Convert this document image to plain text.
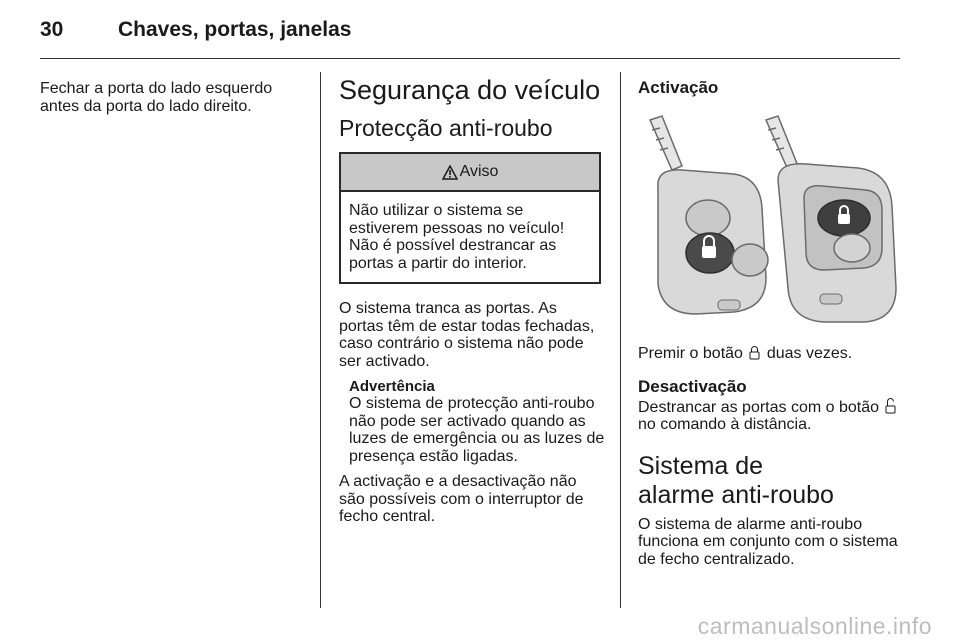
30	Chaves, portas, janelas

Fechar a porta do lado esquerdo antes da porta do lado direito.

Segurança do veículo
Protecção anti-roubo
Aviso

Não utilizar o sistema se estiverem pessoas no veículo! Não é possível destrancar as portas a partir do interior.

O sistema tranca as portas. As portas têm de estar todas fechadas, caso contrário o sistema não pode ser activado.

Advertência

O sistema de protecção anti-roubo não pode ser activado quando as luzes de emergência ou as luzes de presença estão ligadas.

A activação e a desactivação não são possíveis com o interruptor de fecho central.

Activação

Premir o botão duas vezes.

Desactivação

Destrancar as portas com o botão  no comando à distância.

Sistema de alarme anti-roubo

O sistema de alarme anti-roubo funciona em conjunto com o sistema de fecho centralizado.

carmanualsonline.info
